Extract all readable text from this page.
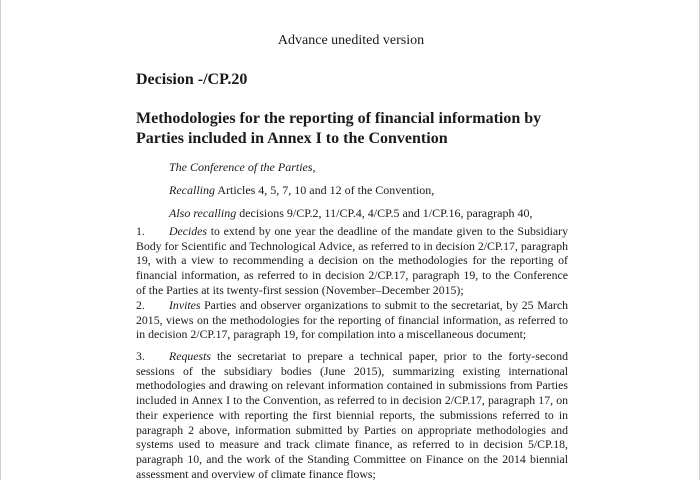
Advance unedited version
Decision -/CP.20
Methodologies for the reporting of financial information by Parties included in Annex I to the Convention
The Conference of the Parties,
Recalling Articles 4, 5, 7, 10 and 12 of the Convention,
Also recalling decisions 9/CP.2, 11/CP.4, 4/CP.5 and 1/CP.16, paragraph 40,
1. Decides to extend by one year the deadline of the mandate given to the Subsidiary Body for Scientific and Technological Advice, as referred to in decision 2/CP.17, paragraph 19, with a view to recommending a decision on the methodologies for the reporting of financial information, as referred to in decision 2/CP.17, paragraph 19, to the Conference of the Parties at its twenty-first session (November–December 2015);
2. Invites Parties and observer organizations to submit to the secretariat, by 25 March 2015, views on the methodologies for the reporting of financial information, as referred to in decision 2/CP.17, paragraph 19, for compilation into a miscellaneous document;
3. Requests the secretariat to prepare a technical paper, prior to the forty-second sessions of the subsidiary bodies (June 2015), summarizing existing international methodologies and drawing on relevant information contained in submissions from Parties included in Annex I to the Convention, as referred to in decision 2/CP.17, paragraph 17, on their experience with reporting the first biennial reports, the submissions referred to in paragraph 2 above, information submitted by Parties on appropriate methodologies and systems used to measure and track climate finance, as referred to in decision 5/CP.18, paragraph 10, and the work of the Standing Committee on Finance on the 2014 biennial assessment and overview of climate finance flows;
